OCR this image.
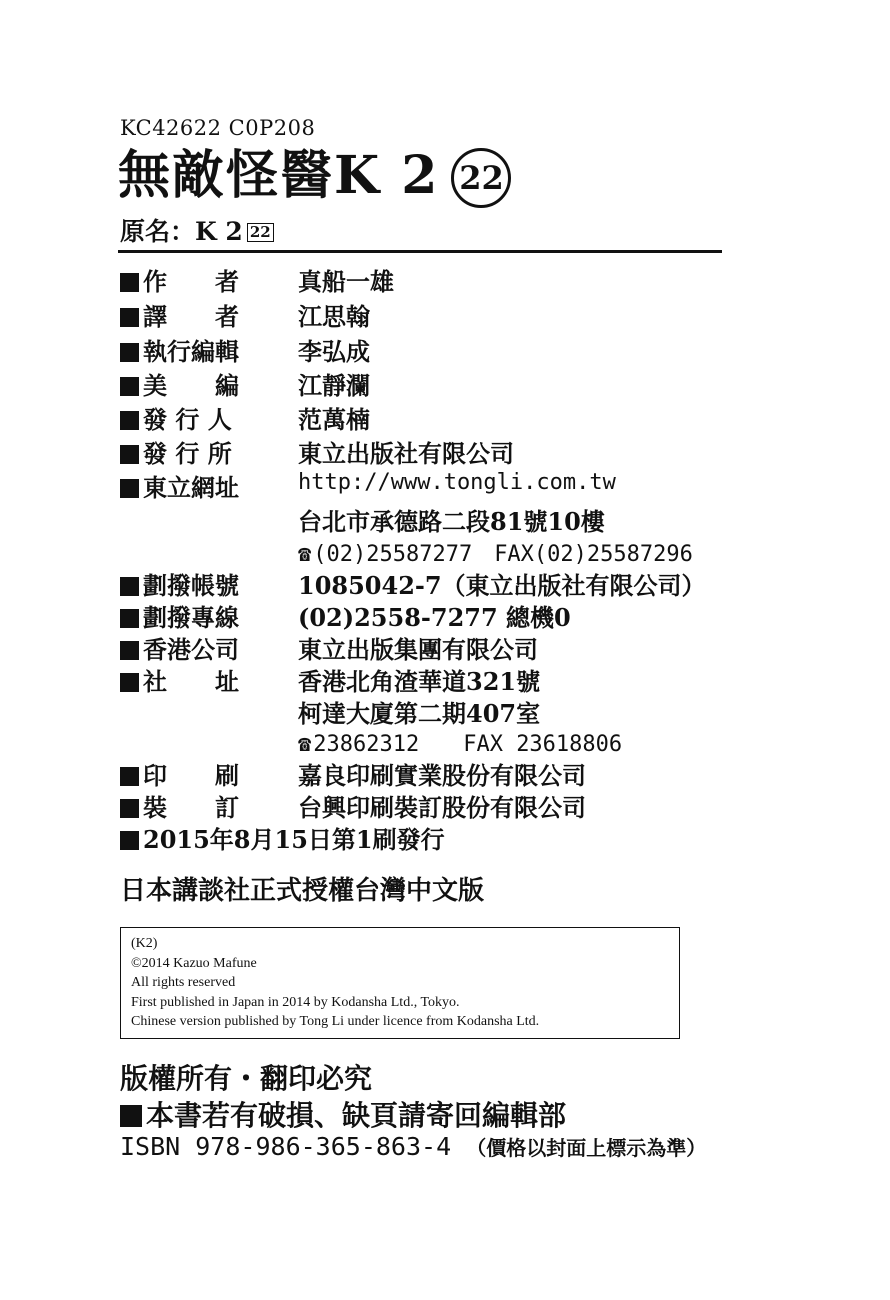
KC42622 C0P208
無敵怪醫K 2 22
原名：K 2 22
作　　者 真船一雄
譯　　者 江思翰
執行編輯 李弘成
美　　編 江靜瀾
發 行 人	范萬楠
發 行 所	東立出版社有限公司
東立網址	http://www.tongli.com.tw
台北市承德路二段81號10樓
☎(02)25587277　FAX(02)25587296
劃撥帳號 1085042-7（東立出版社有限公司）
劃撥專線 (02)2558-7277 總機0
香港公司 東立出版集團有限公司
社　　址 香港北角渣華道321號
柯達大廈第二期407室
☎23862312　　FAX 23618806
印　　刷 嘉良印刷實業股份有限公司
裝　　訂 台興印刷裝訂股份有限公司
2015年8月15日第1刷發行
日本講談社正式授權台灣中文版
(K2)
©2014 Kazuo Mafune
All rights reserved
First published in Japan in 2014 by Kodansha Ltd., Tokyo.
Chinese version published by Tong Li under licence from Kodansha Ltd.
版權所有・翻印必究
本書若有破損、缺頁請寄回編輯部
ISBN 978-986-365-863-4 （價格以封面上標示為準）
